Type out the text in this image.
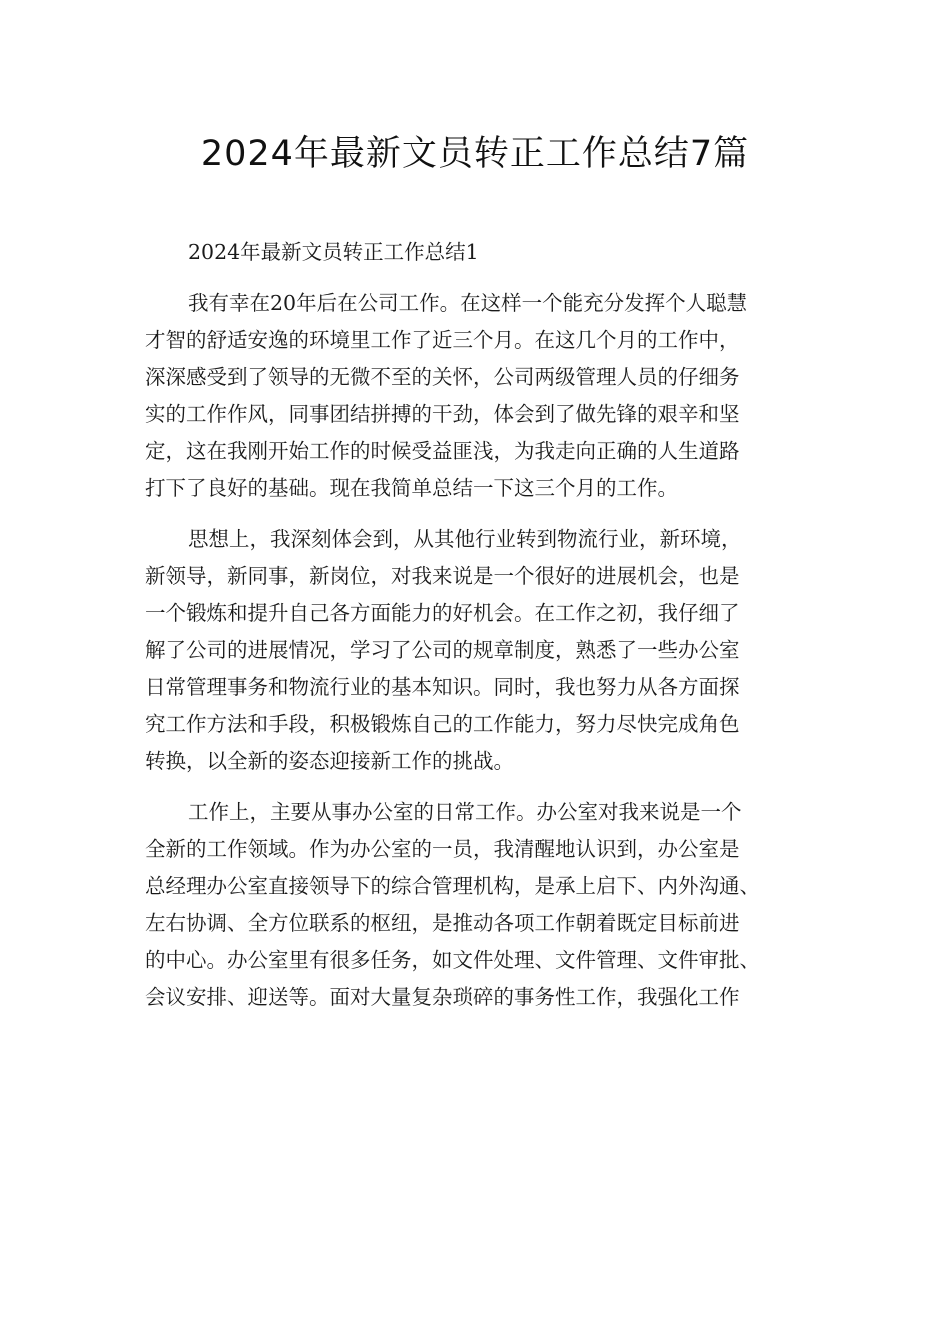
2024年最新文员转正工作总结7篇
2024年最新文员转正工作总结1
我有幸在20年后在公司工作。在这样一个能充分发挥个人聪慧
才智的舒适安逸的环境里工作了近三个月。在这几个月的工作中，
深深感受到了领导的无微不至的关怀，公司两级管理人员的仔细务
实的工作作风，同事团结拼搏的干劲，体会到了做先锋的艰辛和坚
定，这在我刚开始工作的时候受益匪浅，为我走向正确的人生道路
打下了良好的基础。现在我简单总结一下这三个月的工作。
思想上，我深刻体会到，从其他行业转到物流行业，新环境，
新领导，新同事，新岗位，对我来说是一个很好的进展机会，也是
一个锻炼和提升自己各方面能力的好机会。在工作之初，我仔细了
解了公司的进展情况，学习了公司的规章制度，熟悉了一些办公室
日常管理事务和物流行业的基本知识。同时，我也努力从各方面探
究工作方法和手段，积极锻炼自己的工作能力，努力尽快完成角色
转换，以全新的姿态迎接新工作的挑战。
工作上，主要从事办公室的日常工作。办公室对我来说是一个
全新的工作领域。作为办公室的一员，我清醒地认识到，办公室是
总经理办公室直接领导下的综合管理机构，是承上启下、内外沟通、
左右协调、全方位联系的枢纽，是推动各项工作朝着既定目标前进
的中心。办公室里有很多任务，如文件处理、文件管理、文件审批、
会议安排、迎送等。面对大量复杂琐碎的事务性工作，我强化工作
